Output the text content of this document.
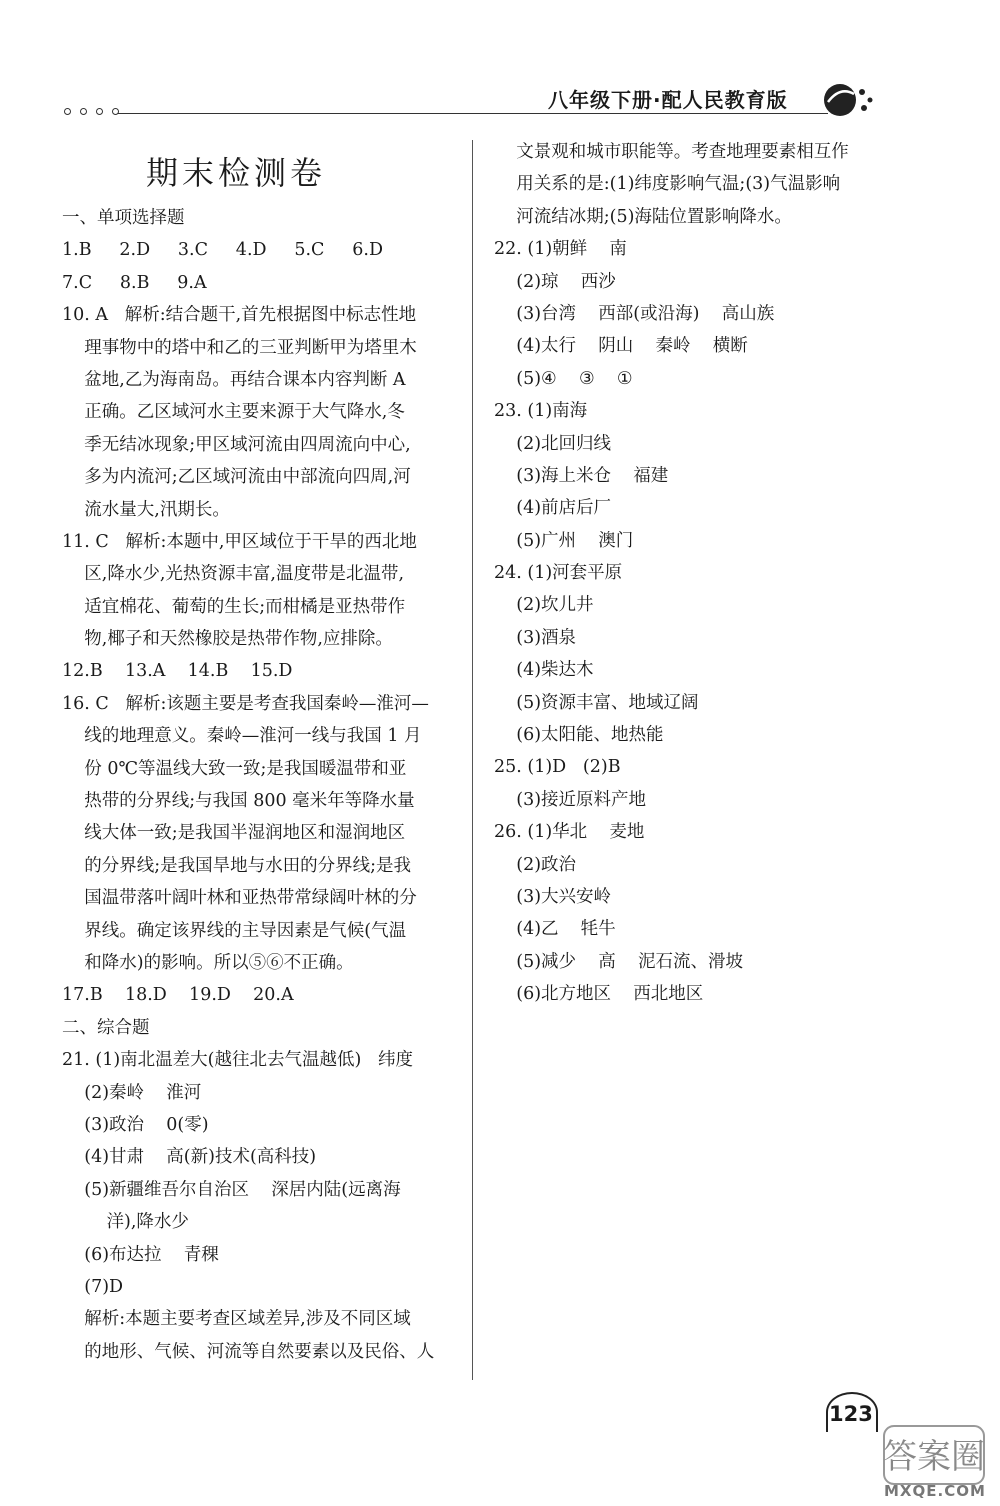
八年级下册·配人民教育版
期末检测卷
一、单项选择题
1.B     2.D     3.C     4.D     5.C     6.D
7.C     8.B     9.A
10. A   解析:结合题干,首先根据图中标志性地
理事物中的塔中和乙的三亚判断甲为塔里木
盆地,乙为海南岛。再结合课本内容判断 A
正确。乙区域河水主要来源于大气降水,冬
季无结冰现象;甲区域河流由四周流向中心,
多为内流河;乙区域河流由中部流向四周,河
流水量大,汛期长。
11. C   解析:本题中,甲区域位于干旱的西北地
区,降水少,光热资源丰富,温度带是北温带,
适宜棉花、葡萄的生长;而柑橘是亚热带作
物,椰子和天然橡胶是热带作物,应排除。
12.B    13.A    14.B    15.D
16. C   解析:该题主要是考查我国秦岭—淮河—
线的地理意义。秦岭—淮河一线与我国 1 月
份 0℃等温线大致一致;是我国暖温带和亚
热带的分界线;与我国 800 毫米年等降水量
线大体一致;是我国半湿润地区和湿润地区
的分界线;是我国旱地与水田的分界线;是我
国温带落叶阔叶林和亚热带常绿阔叶林的分
界线。确定该界线的主导因素是气候(气温
和降水)的影响。所以⑤⑥不正确。
17.B    18.D    19.D    20.A
二、综合题
21. (1)南北温差大(越往北去气温越低)   纬度
(2)秦岭    淮河
(3)政治    0(零)
(4)甘肃    高(新)技术(高科技)
(5)新疆维吾尔自治区    深居内陆(远离海
洋),降水少
(6)布达拉    青稞
(7)D
解析:本题主要考查区域差异,涉及不同区域
的地形、气候、河流等自然要素以及民俗、人
文景观和城市职能等。考查地理要素相互作
用关系的是:(1)纬度影响气温;(3)气温影响
河流结冰期;(5)海陆位置影响降水。
22. (1)朝鲜    南
(2)琼    西沙
(3)台湾    西部(或沿海)    高山族
(4)太行    阴山    秦岭    横断
(5)④    ③    ①
23. (1)南海
(2)北回归线
(3)海上米仓    福建
(4)前店后厂
(5)广州    澳门
24. (1)河套平原
(2)坎儿井
(3)酒泉
(4)柴达木
(5)资源丰富、地域辽阔
(6)太阳能、地热能
25. (1)D   (2)B
(3)接近原料产地
26. (1)华北    麦地
(2)政治
(3)大兴安岭
(4)乙    牦牛
(5)减少    高    泥石流、滑坡
(6)北方地区    西北地区
123
答案圈
MXQE.COM
